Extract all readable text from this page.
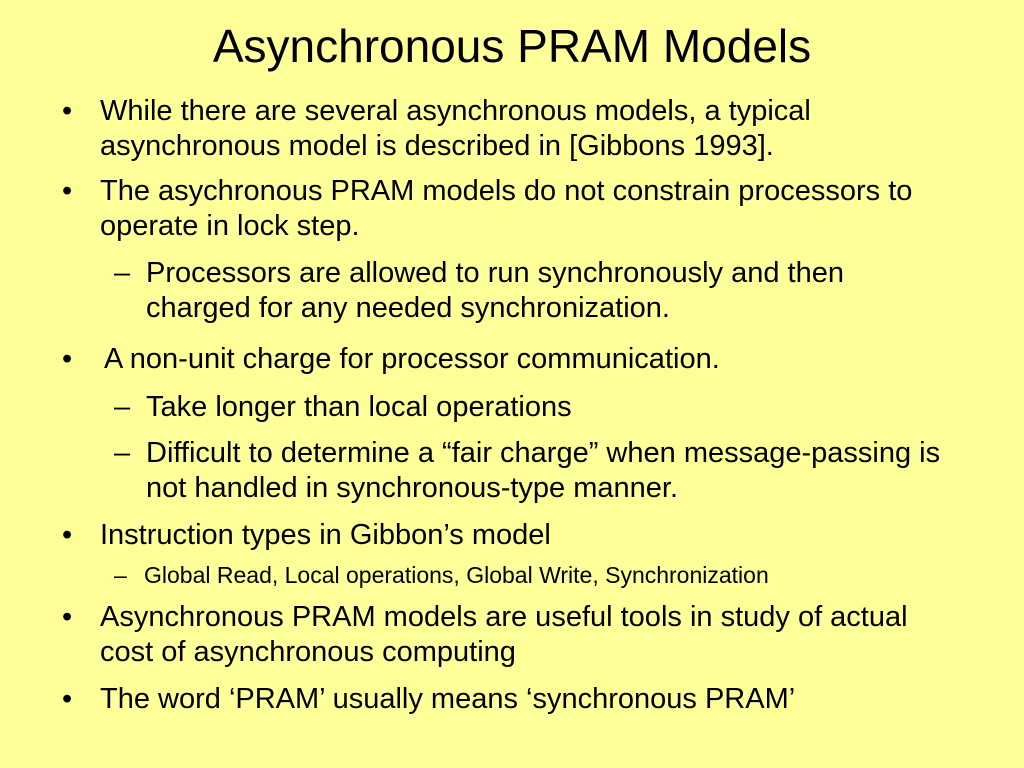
Asynchronous PRAM Models
• While there are several asynchronous models, a typical asynchronous model is described in [Gibbons 1993].
• The asychronous PRAM models do not constrain processors to operate in lock step.
– Processors are allowed to run synchronously and then charged for any needed synchronization.
• A non-unit charge for processor communication.
– Take longer than local operations
– Difficult to determine a “fair charge” when message-passing is not handled in synchronous-type manner.
• Instruction types in Gibbon’s model
– Global Read, Local operations, Global Write, Synchronization
• Asynchronous PRAM models are useful tools in study of actual cost of asynchronous computing
• The word ‘PRAM’ usually means ‘synchronous PRAM’
